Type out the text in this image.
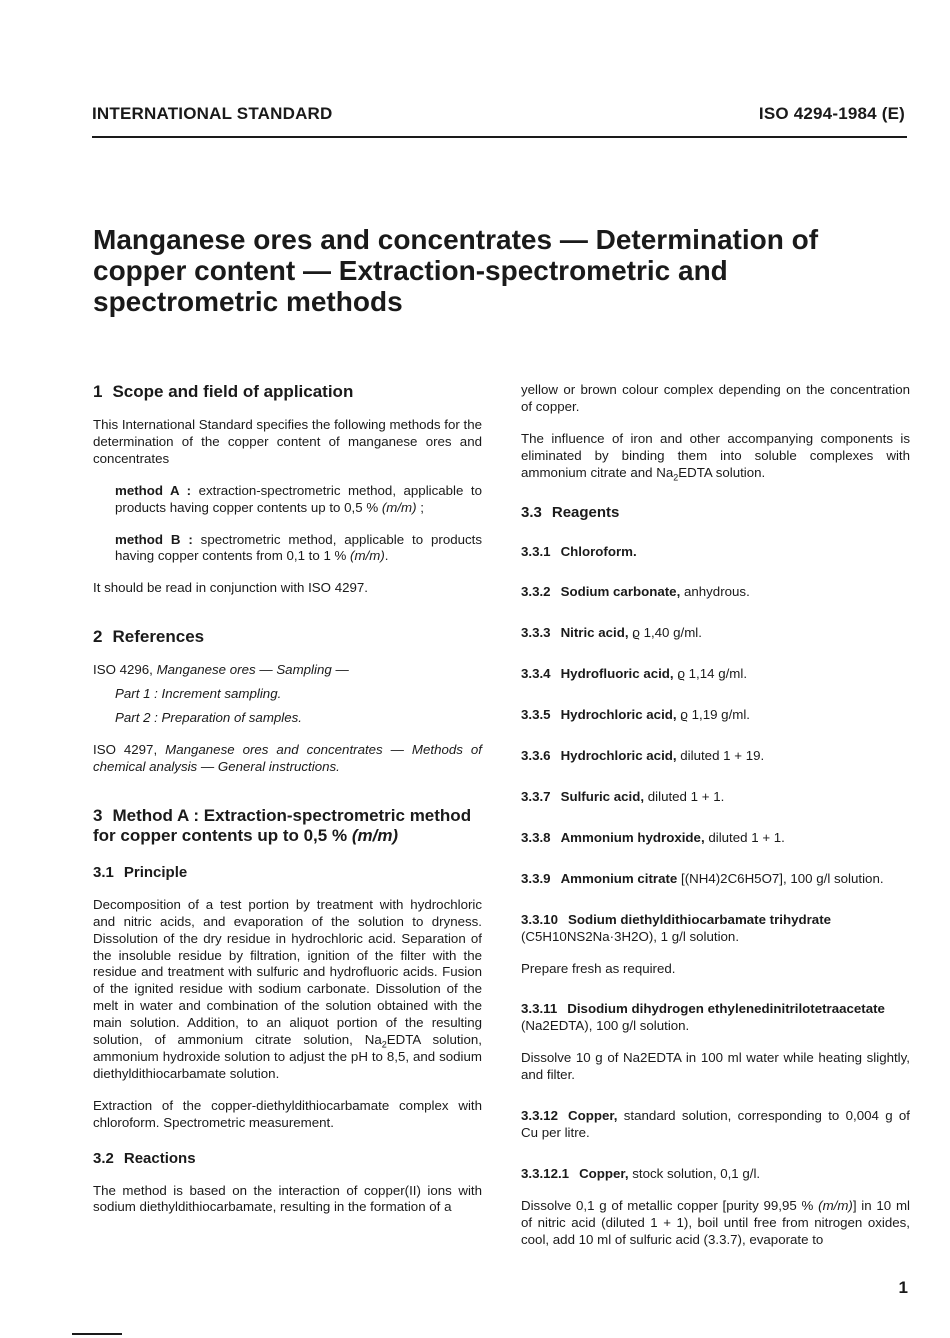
INTERNATIONAL STANDARD	ISO 4294-1984 (E)
Manganese ores and concentrates — Determination of copper content — Extraction-spectrometric and spectrometric methods
1 Scope and field of application

This International Standard specifies the following methods for the determination of the copper content of manganese ores and concentrates

method A : extraction-spectrometric method, applicable to products having copper contents up to 0,5 % (m/m) ;

method B : spectrometric method, applicable to products having copper contents from 0,1 to 1 % (m/m).

It should be read in conjunction with ISO 4297.

2 References

ISO 4296, Manganese ores — Sampling —

Part 1 : Increment sampling.

Part 2 : Preparation of samples.

ISO 4297, Manganese ores and concentrates — Methods of chemical analysis — General instructions.

3 Method A : Extraction-spectrometric method for copper contents up to 0,5 % (m/m)
3.1 Principle

Decomposition of a test portion by treatment with hydrochloric and nitric acids, and evaporation of the solution to dryness. Dissolution of the dry residue in hydrochloric acid. Separation of the insoluble residue by filtration, ignition of the filter with the residue and treatment with sulfuric and hydrofluoric acids. Fusion of the ignited residue with sodium carbonate. Dissolution of the melt in water and combination of the solution obtained with the main solution. Addition, to an aliquot portion of the resulting solution, of ammonium citrate solution, $Na_2EDTA$ solution, ammonium hydroxide solution to adjust the pH to 8,5, and sodium diethyldithiocarbamate solution.

Extraction of the copper-diethyldithiocarbamate complex with chloroform. Spectrometric measurement.

3.2 Reactions

The method is based on the interaction of copper(II) ions with sodium diethyldithiocarbamate, resulting in the formation of a

yellow or brown colour complex depending on the concentration of copper.

The influence of iron and other accompanying components is eliminated by binding them into soluble complexes with ammonium citrate and $Na_2EDTA$ solution.

3.3 Reagents

3.3.1 Chloroform.

3.3.2 Sodium carbonate, anhydrous.

3.3.3 Nitric acid, ϱ 1,40 g/ml.

3.3.4 Hydrofluoric acid, ϱ 1,14 g/ml.

3.3.5 Hydrochloric acid, ϱ 1,19 g/ml.

3.3.6 Hydrochloric acid, diluted 1 + 19.

3.3.7 Sulfuric acid, diluted 1 + 1.

3.3.8 Ammonium hydroxide, diluted 1 + 1.

3.3.9 Ammonium citrate [(NH4)2C6H5O7], 100 g/l solution.

3.3.10 Sodium diethyldithiocarbamate trihydrate
(C5H10NS2Na·3H2O), 1 g/l solution.

Prepare fresh as required.

3.3.11 Disodium dihydrogen ethylenedinitrilotetraacetate
(Na2EDTA), 100 g/l solution.

Dissolve 10 g of Na2EDTA in 100 ml water while heating slightly, and filter.

3.3.12 Copper, standard solution, corresponding to 0,004 g of Cu per litre.

3.3.12.1 Copper, stock solution, 0,1 g/l.

Dissolve 0,1 g of metallic copper [purity 99,95 % (m/m)] in 10 ml of nitric acid (diluted 1 + 1), boil until free from nitrogen oxides, cool, add 10 ml of sulfuric acid (3.3.7), evaporate to

1
